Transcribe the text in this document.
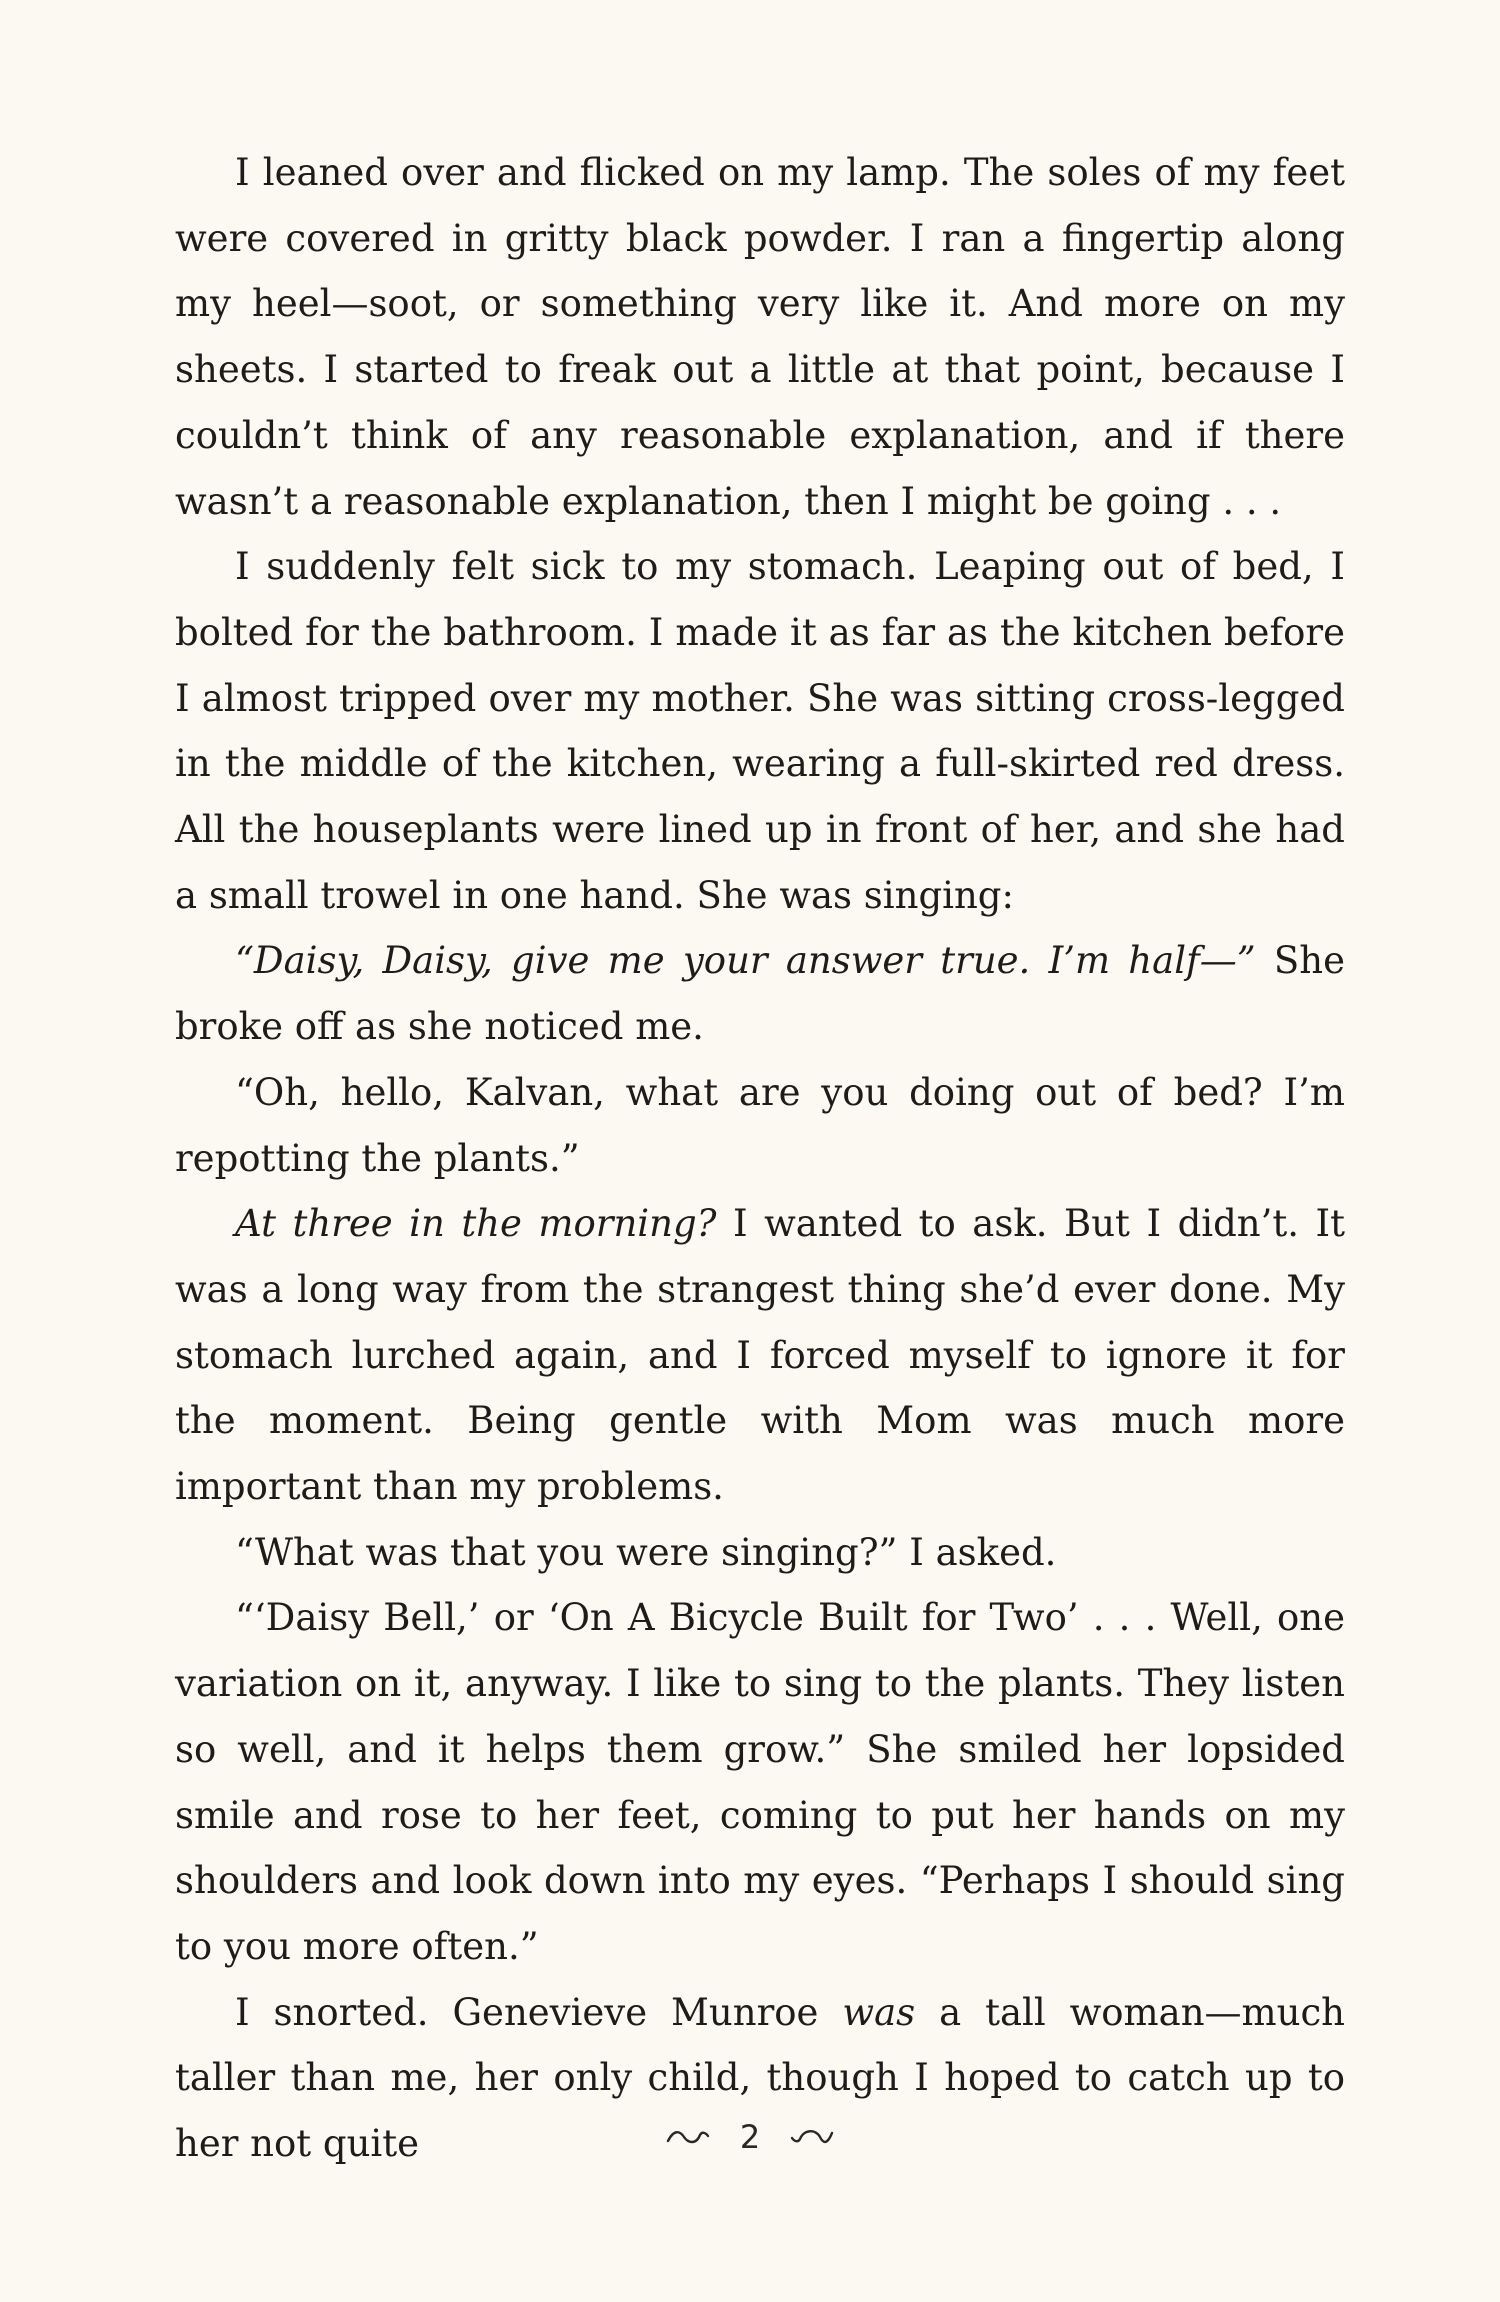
I leaned over and flicked on my lamp. The soles of my feet were covered in gritty black powder. I ran a fingertip along my heel—soot, or something very like it. And more on my sheets. I started to freak out a little at that point, because I couldn’t think of any reasonable explanation, and if there wasn’t a reasonable explanation, then I might be going . . .

I suddenly felt sick to my stomach. Leaping out of bed, I bolted for the bathroom. I made it as far as the kitchen before I almost tripped over my mother. She was sitting cross-legged in the middle of the kitchen, wearing a full-skirted red dress. All the houseplants were lined up in front of her, and she had a small trowel in one hand. She was singing:

“Daisy, Daisy, give me your answer true. I’m half—” She broke off as she noticed me.

“Oh, hello, Kalvan, what are you doing out of bed? I’m repotting the plants.”

At three in the morning? I wanted to ask. But I didn’t. It was a long way from the strangest thing she’d ever done. My stomach lurched again, and I forced myself to ignore it for the moment. Being gentle with Mom was much more important than my problems.

“What was that you were singing?” I asked.

“‘Daisy Bell,’ or ‘On A Bicycle Built for Two’ . . . Well, one variation on it, anyway. I like to sing to the plants. They listen so well, and it helps them grow.” She smiled her lopsided smile and rose to her feet, coming to put her hands on my shoulders and look down into my eyes. “Perhaps I should sing to you more often.”

I snorted. Genevieve Munroe was a tall woman—much taller than me, her only child, though I hoped to catch up to her not quite	2
